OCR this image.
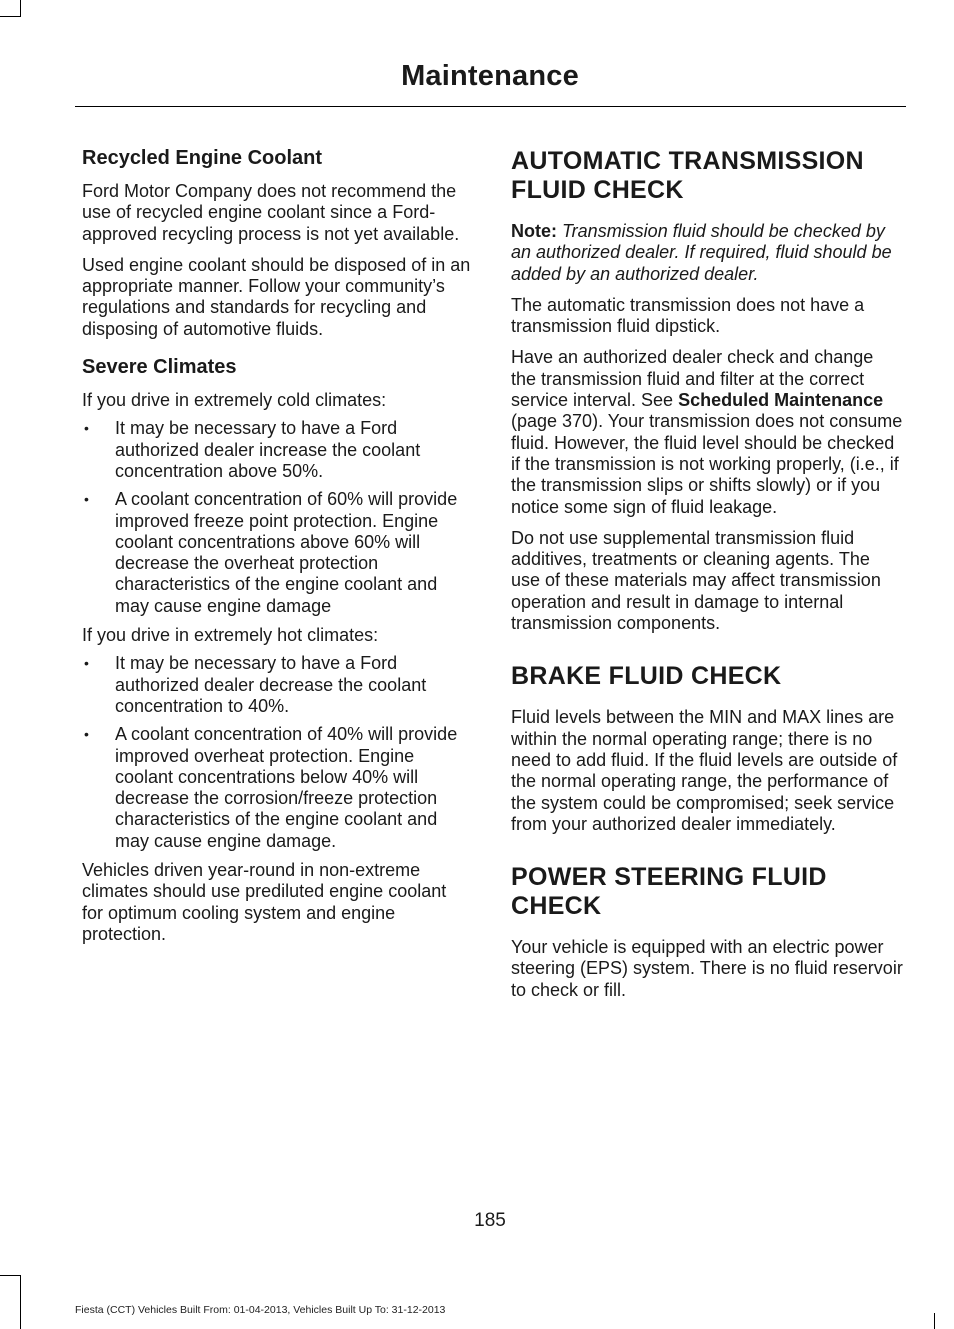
Maintenance
Recycled Engine Coolant

Ford Motor Company does not recommend the use of recycled engine coolant since a Ford-approved recycling process is not yet available.

Used engine coolant should be disposed of in an appropriate manner. Follow your community’s regulations and standards for recycling and disposing of automotive fluids.

Severe Climates

If you drive in extremely cold climates:

• It may be necessary to have a Ford authorized dealer increase the coolant concentration above 50%.
• A coolant concentration of 60% will provide improved freeze point protection. Engine coolant concentrations above 60% will decrease the overheat protection characteristics of the engine coolant and may cause engine damage

If you drive in extremely hot climates:

• It may be necessary to have a Ford authorized dealer decrease the coolant concentration to 40%.
• A coolant concentration of 40% will provide improved overheat protection. Engine coolant concentrations below 40% will decrease the corrosion/freeze protection characteristics of the engine coolant and may cause engine damage.

Vehicles driven year-round in non-extreme climates should use prediluted engine coolant for optimum cooling system and engine protection.

AUTOMATIC TRANSMISSION FLUID CHECK

Note: Transmission fluid should be checked by an authorized dealer. If required, fluid should be added by an authorized dealer.

The automatic transmission does not have a transmission fluid dipstick.

Have an authorized dealer check and change the transmission fluid and filter at the correct service interval. See Scheduled Maintenance (page 370). Your transmission does not consume fluid. However, the fluid level should be checked if the transmission is not working properly, (i.e., if the transmission slips or shifts slowly) or if you notice some sign of fluid leakage.

Do not use supplemental transmission fluid additives, treatments or cleaning agents. The use of these materials may affect transmission operation and result in damage to internal transmission components.

BRAKE FLUID CHECK

Fluid levels between the MIN and MAX lines are within the normal operating range; there is no need to add fluid. If the fluid levels are outside of the normal operating range, the performance of the system could be compromised; seek service from your authorized dealer immediately.

POWER STEERING FLUID CHECK

Your vehicle is equipped with an electric power steering (EPS) system. There is no fluid reservoir to check or fill.

185
Fiesta (CCT) Vehicles Built From: 01-04-2013, Vehicles Built Up To: 31-12-2013
